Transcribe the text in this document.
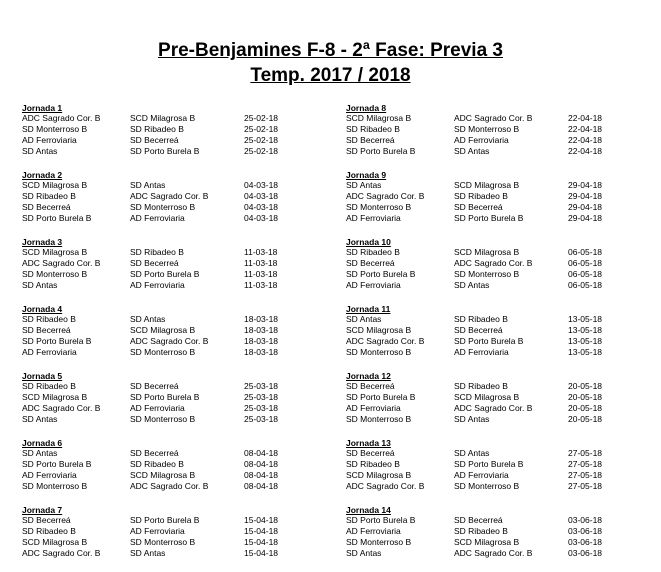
Pre-Benjamines F-8 - 2ª Fase: Previa 3
Temp. 2017 / 2018
Jornada 1
ADC Sagrado Cor. B	SCD Milagrosa B	25-02-18
SD Monterroso B	SD Ribadeo B	25-02-18
AD Ferroviaria	SD Becerreá	25-02-18
SD Antas	SD Porto Burela B	25-02-18
Jornada 2
SCD Milagrosa B	SD Antas	04-03-18
SD Ribadeo B	ADC Sagrado Cor. B	04-03-18
SD Becerreá	SD Monterroso B	04-03-18
SD Porto Burela B	AD Ferroviaria	04-03-18
Jornada 3
SCD Milagrosa B	SD Ribadeo B	11-03-18
ADC Sagrado Cor. B	SD Becerreá	11-03-18
SD Monterroso B	SD Porto Burela B	11-03-18
SD Antas	AD Ferroviaria	11-03-18
Jornada 4
SD Ribadeo B	SD Antas	18-03-18
SD Becerreá	SCD Milagrosa B	18-03-18
SD Porto Burela B	ADC Sagrado Cor. B	18-03-18
AD Ferroviaria	SD Monterroso B	18-03-18
Jornada 5
SD Ribadeo B	SD Becerreá	25-03-18
SCD Milagrosa B	SD Porto Burela B	25-03-18
ADC Sagrado Cor. B	AD Ferroviaria	25-03-18
SD Antas	SD Monterroso B	25-03-18
Jornada 6
SD Antas	SD Becerreá	08-04-18
SD Porto Burela B	SD Ribadeo B	08-04-18
AD Ferroviaria	SCD Milagrosa B	08-04-18
SD Monterroso B	ADC Sagrado Cor. B	08-04-18
Jornada 7
SD Becerreá	SD Porto Burela B	15-04-18
SD Ribadeo B	AD Ferroviaria	15-04-18
SCD Milagrosa B	SD Monterroso B	15-04-18
ADC Sagrado Cor. B	SD Antas	15-04-18
Jornada 8
SCD Milagrosa B	ADC Sagrado Cor. B	22-04-18
SD Ribadeo B	SD Monterroso B	22-04-18
SD Becerreá	AD Ferroviaria	22-04-18
SD Porto Burela B	SD Antas	22-04-18
Jornada 9
SD Antas	SCD Milagrosa B	29-04-18
ADC Sagrado Cor. B	SD Ribadeo B	29-04-18
SD Monterroso B	SD Becerreá	29-04-18
AD Ferroviaria	SD Porto Burela B	29-04-18
Jornada 10
SD Ribadeo B	SCD Milagrosa B	06-05-18
SD Becerreá	ADC Sagrado Cor. B	06-05-18
SD Porto Burela B	SD Monterroso B	06-05-18
AD Ferroviaria	SD Antas	06-05-18
Jornada 11
SD Antas	SD Ribadeo B	13-05-18
SCD Milagrosa B	SD Becerreá	13-05-18
ADC Sagrado Cor. B	SD Porto Burela B	13-05-18
SD Monterroso B	AD Ferroviaria	13-05-18
Jornada 12
SD Becerreá	SD Ribadeo B	20-05-18
SD Porto Burela B	SCD Milagrosa B	20-05-18
AD Ferroviaria	ADC Sagrado Cor. B	20-05-18
SD Monterroso B	SD Antas	20-05-18
Jornada 13
SD Becerreá	SD Antas	27-05-18
SD Ribadeo B	SD Porto Burela B	27-05-18
SCD Milagrosa B	AD Ferroviaria	27-05-18
ADC Sagrado Cor. B	SD Monterroso B	27-05-18
Jornada 14
SD Porto Burela B	SD Becerreá	03-06-18
AD Ferroviaria	SD Ribadeo B	03-06-18
SD Monterroso B	SCD Milagrosa B	03-06-18
SD Antas	ADC Sagrado Cor. B	03-06-18
